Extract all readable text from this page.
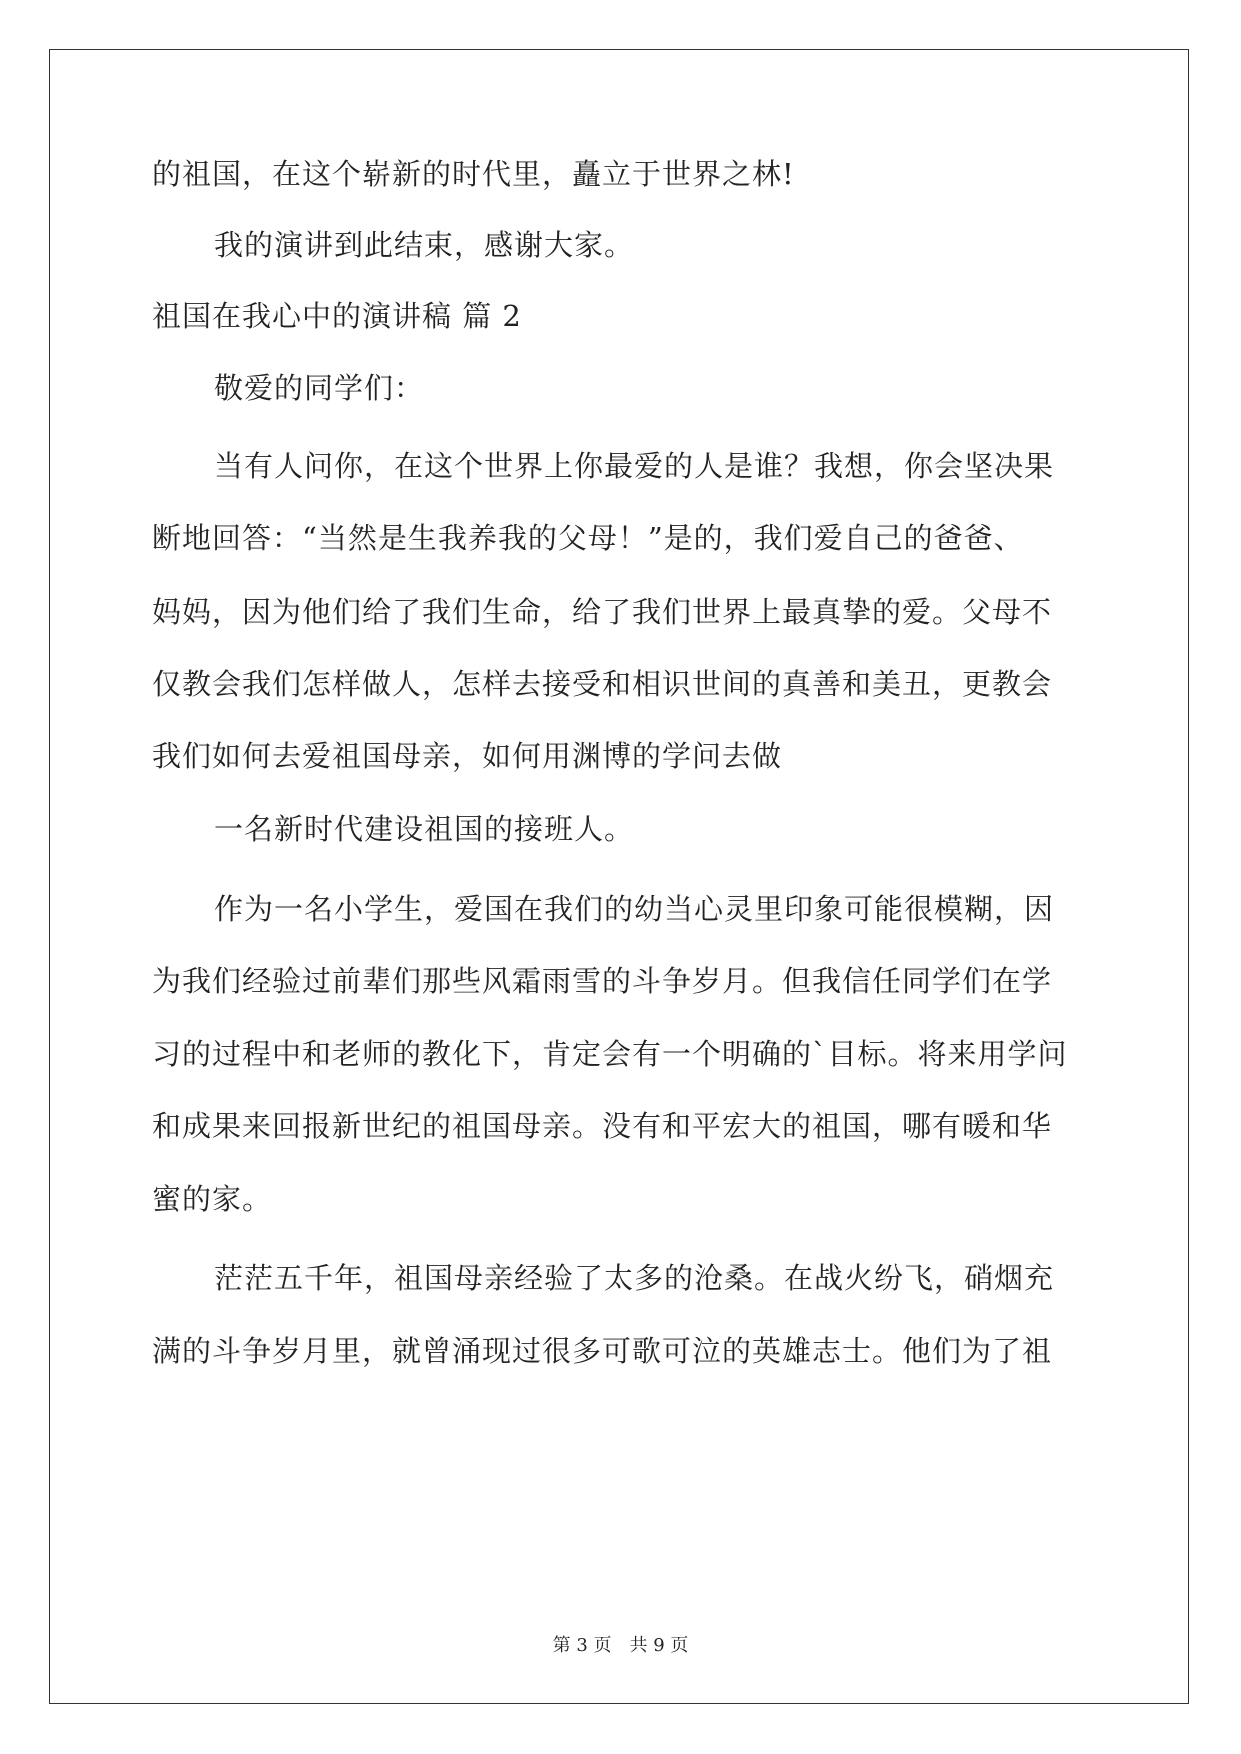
的祖国，在这个崭新的时代里，矗立于世界之林!
我的演讲到此结束，感谢大家。
祖国在我心中的演讲稿 篇 2
敬爱的同学们：
当有人问你，在这个世界上你最爱的人是谁？我想，你会坚决果
断地回答：“当然是生我养我的父母！”是的，我们爱自己的爸爸、
妈妈，因为他们给了我们生命，给了我们世界上最真挚的爱。父母不
仅教会我们怎样做人，怎样去接受和相识世间的真善和美丑，更教会
我们如何去爱祖国母亲，如何用渊博的学问去做
一名新时代建设祖国的接班人。
作为一名小学生，爱国在我们的幼当心灵里印象可能很模糊，因
为我们经验过前辈们那些风霜雨雪的斗争岁月。但我信任同学们在学
习的过程中和老师的教化下，肯定会有一个明确的`目标。将来用学问
和成果来回报新世纪的祖国母亲。没有和平宏大的祖国，哪有暖和华
蜜的家。
茫茫五千年，祖国母亲经验了太多的沧桑。在战火纷飞，硝烟充
满的斗争岁月里，就曾涌现过很多可歌可泣的英雄志士。他们为了祖
第 3 页　共 9 页
